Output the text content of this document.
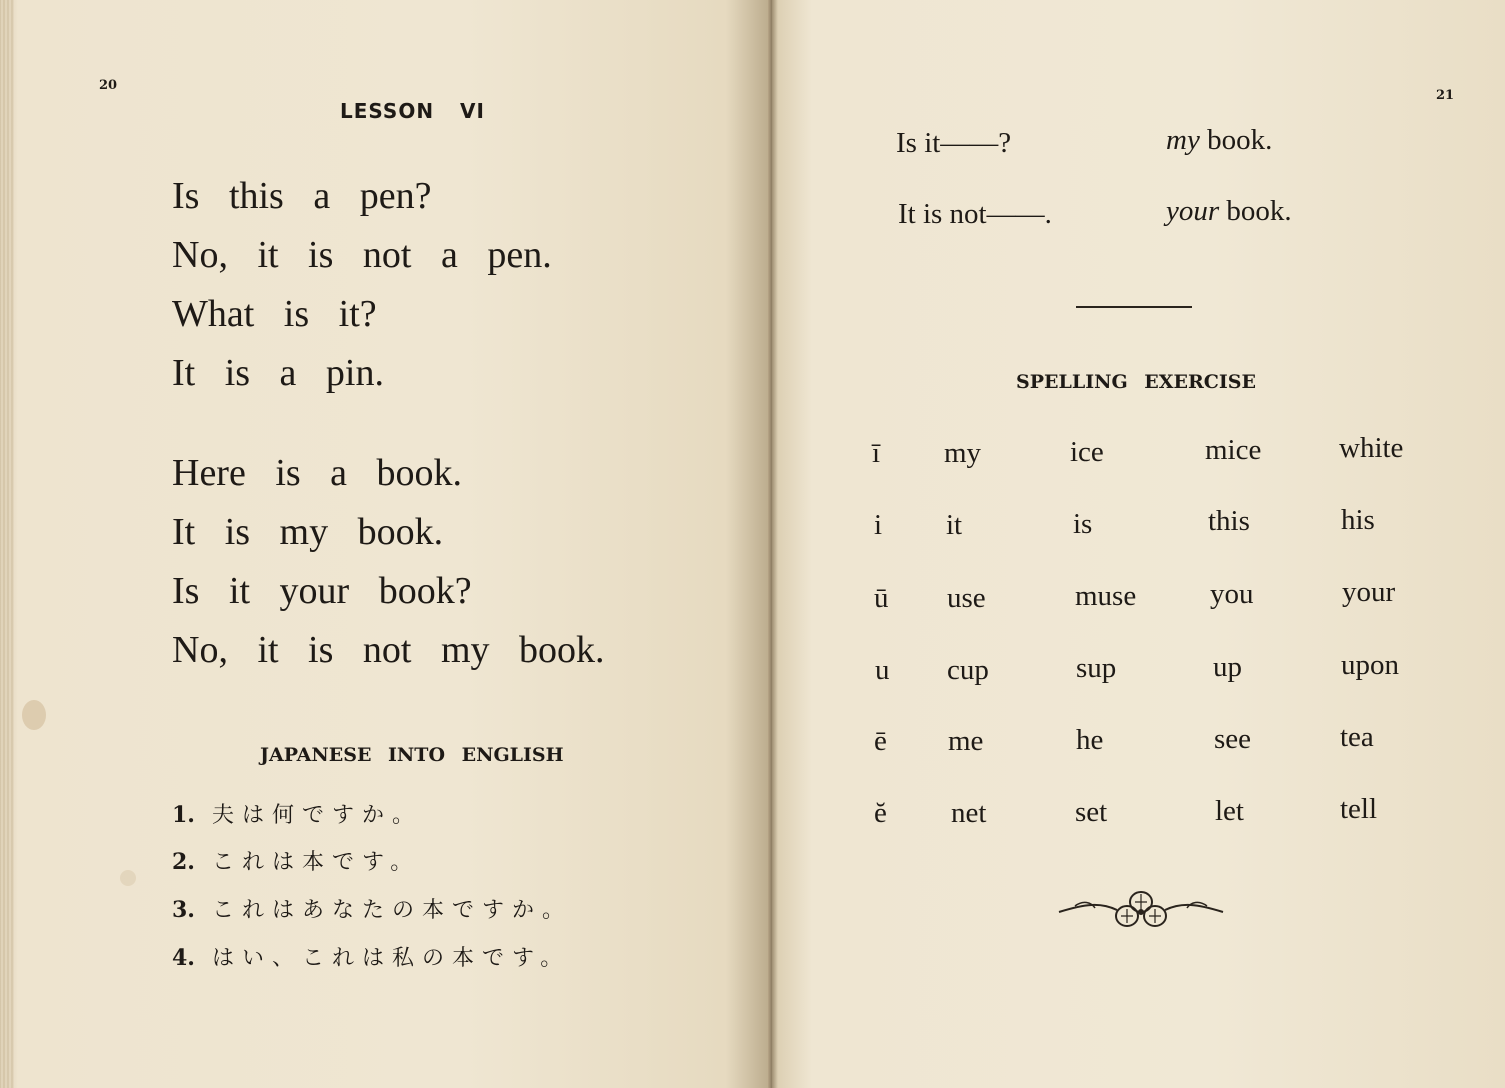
20
LESSON VI
Is this a pen?
No, it is not a pen.
What is it?
It is a pin.
Here is a book.
It is my book.
Is it your book?
No, it is not my book.
JAPANESE INTO ENGLISH
1. 夫は何ですか。
2. これは本です。
3. これはあなたの本ですか。
4. はい、これは私の本です。
21
Is it——?	my book.
It is not——.	your book.
SPELLING EXERCISE
ī my	ice	mice	white
i it	is	this	his
ū use	muse	you	your
u cup	sup	up	upon
ē me	he	see	tea
ĕ net	set	let	tell
